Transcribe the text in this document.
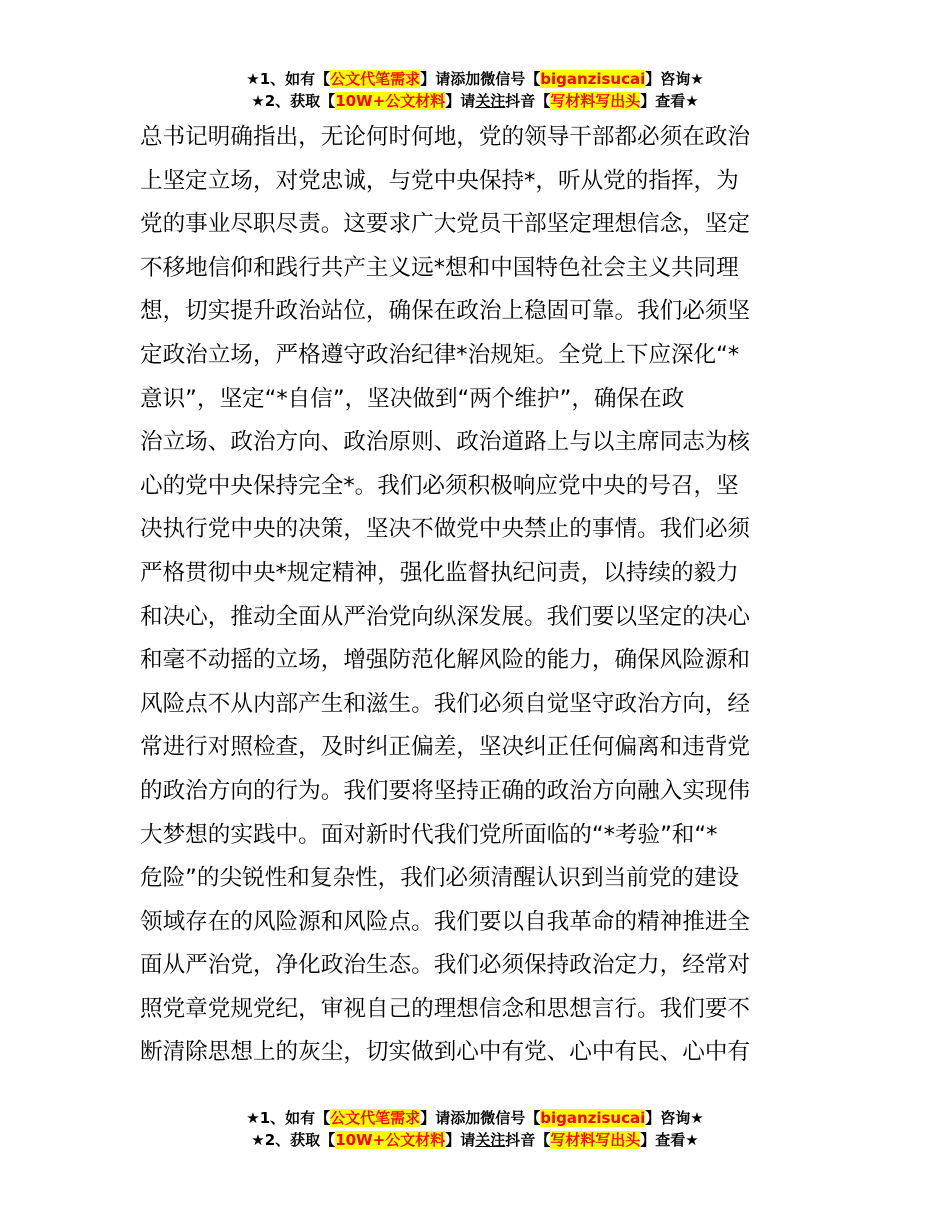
★1、如有【公文代笔需求】请添加微信号【biganzisucai】咨询★
★2、获取【10W+公文材料】请关注抖音【写材料写出头】查看★
总书记明确指出，无论何时何地，党的领导干部都必须在政治
上坚定立场，对党忠诚，与党中央保持*，听从党的指挥，为
党的事业尽职尽责。这要求广大党员干部坚定理想信念，坚定
不移地信仰和践行共产主义远*想和中国特色社会主义共同理
想，切实提升政治站位，确保在政治上稳固可靠。我们必须坚
定政治立场，严格遵守政治纪律*治规矩。全党上下应深化“*
意识”，坚定“*自信”，坚决做到“两个维护”，确保在政
治立场、政治方向、政治原则、政治道路上与以主席同志为核
心的党中央保持完全*。我们必须积极响应党中央的号召，坚
决执行党中央的决策，坚决不做党中央禁止的事情。我们必须
严格贯彻中央*规定精神，强化监督执纪问责，以持续的毅力
和决心，推动全面从严治党向纵深发展。我们要以坚定的决心
和毫不动摇的立场，增强防范化解风险的能力，确保风险源和
风险点不从内部产生和滋生。我们必须自觉坚守政治方向，经
常进行对照检查，及时纠正偏差，坚决纠正任何偏离和违背党
的政治方向的行为。我们要将坚持正确的政治方向融入实现伟
大梦想的实践中。面对新时代我们党所面临的“*考验”和“*
危险”的尖锐性和复杂性，我们必须清醒认识到当前党的建设
领域存在的风险源和风险点。我们要以自我革命的精神推进全
面从严治党，净化政治生态。我们必须保持政治定力，经常对
照党章党规党纪，审视自己的理想信念和思想言行。我们要不
断清除思想上的灰尘，切实做到心中有党、心中有民、心中有
★1、如有【公文代笔需求】请添加微信号【biganzisucai】咨询★
★2、获取【10W+公文材料】请关注抖音【写材料写出头】查看★
